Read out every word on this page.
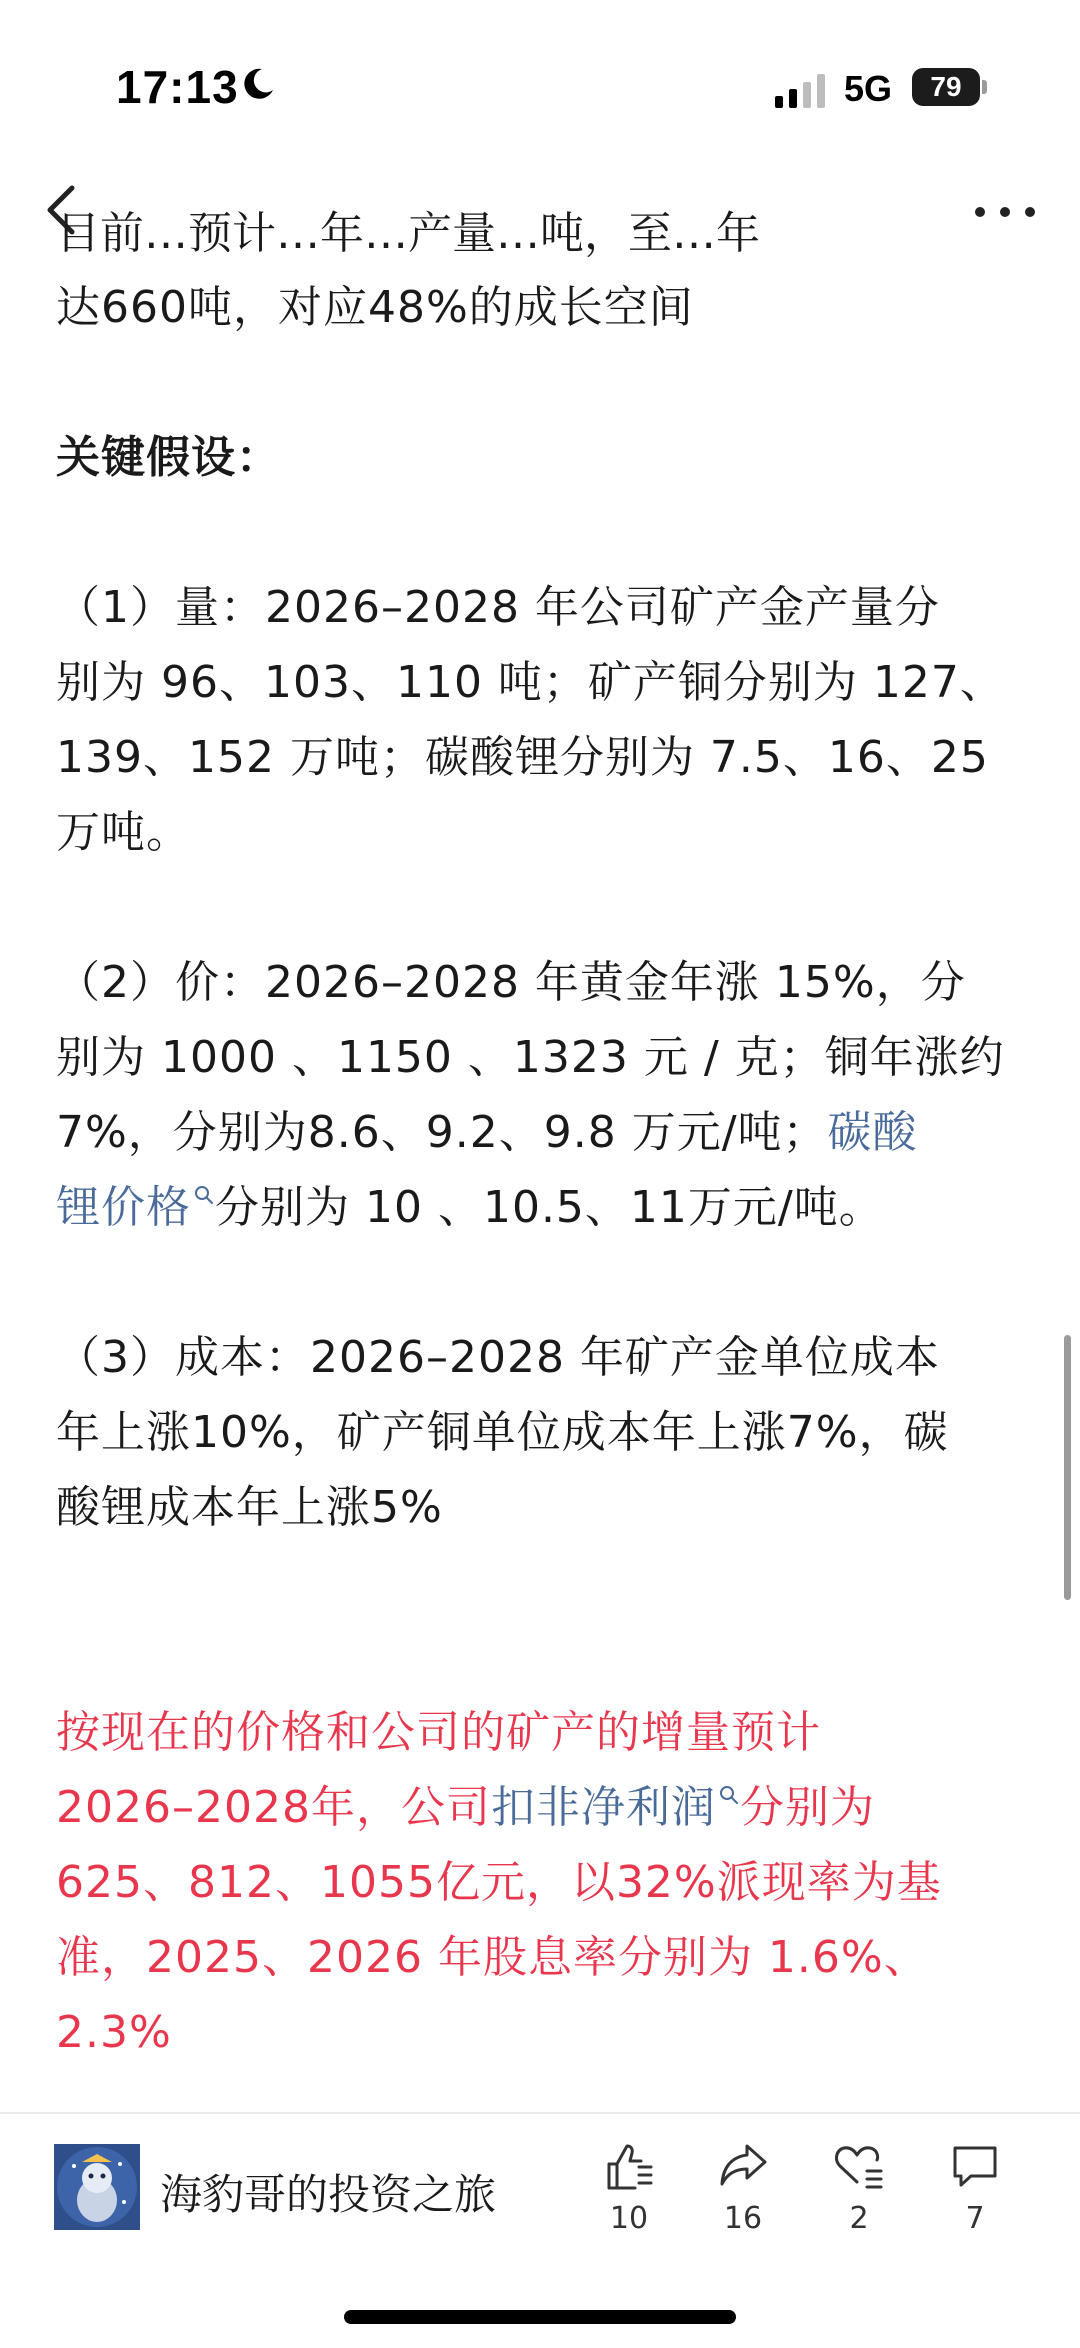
17:13	5G	79
目前…预计…年…产量…吨，至…年

达660吨，对应48%的成长空间

关键假设：

（1）量：2026–2028 年公司矿产金产量分

别为 96、103、110 吨；矿产铜分别为 127、

139、152 万吨；碳酸锂分别为 7.5、16、25

万吨。

（2）价：2026–2028 年黄金年涨 15%，分

别为 1000 、1150 、1323 元 / 克；铜年涨约

7%，分别为8.6、9.2、9.8 万元/吨；碳酸

锂价格 分别为 10 、10.5、11万元/吨。

（3）成本：2026–2028 年矿产金单位成本

年上涨10%，矿产铜单位成本年上涨7%，碳

酸锂成本年上涨5%

按现在的价格和公司的矿产的增量预计

2026–2028年，公司扣非净利润 分别为

625、812、1055亿元，以32%派现率为基

准，2025、2026 年股息率分别为 1.6%、

2.3%

海豹哥的投资之旅	10	16	2	7
